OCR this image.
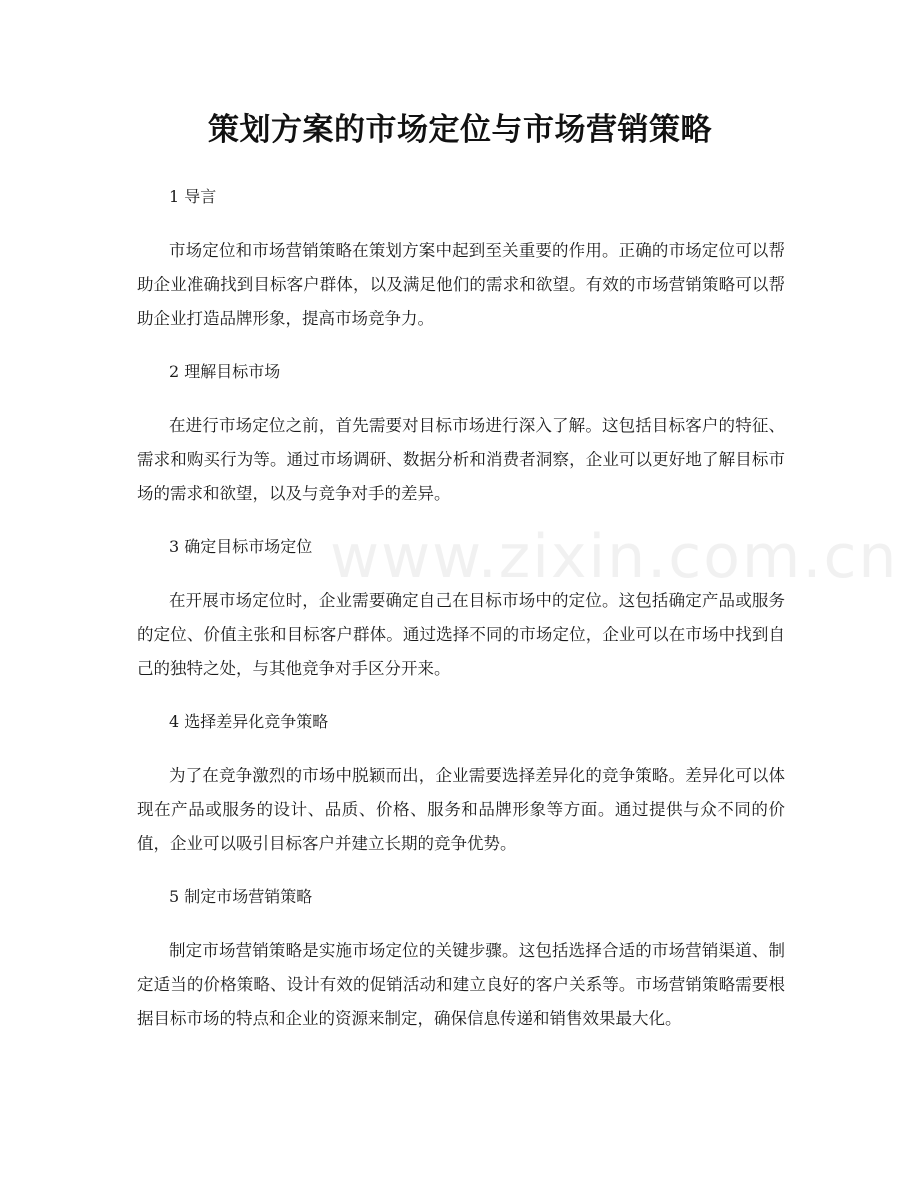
策划方案的市场定位与市场营销策略
www.zixin.com.cn

1 导言

市场定位和市场营销策略在策划方案中起到至关重要的作用。正确的市场定位可以帮助企业准确找到目标客户群体，以及满足他们的需求和欲望。有效的市场营销策略可以帮助企业打造品牌形象，提高市场竞争力。

2 理解目标市场

在进行市场定位之前，首先需要对目标市场进行深入了解。这包括目标客户的特征、需求和购买行为等。通过市场调研、数据分析和消费者洞察，企业可以更好地了解目标市场的需求和欲望，以及与竞争对手的差异。

3 确定目标市场定位

在开展市场定位时，企业需要确定自己在目标市场中的定位。这包括确定产品或服务的定位、价值主张和目标客户群体。通过选择不同的市场定位，企业可以在市场中找到自己的独特之处，与其他竞争对手区分开来。

4 选择差异化竞争策略

为了在竞争激烈的市场中脱颖而出，企业需要选择差异化的竞争策略。差异化可以体现在产品或服务的设计、品质、价格、服务和品牌形象等方面。通过提供与众不同的价值，企业可以吸引目标客户并建立长期的竞争优势。

5 制定市场营销策略

制定市场营销策略是实施市场定位的关键步骤。这包括选择合适的市场营销渠道、制定适当的价格策略、设计有效的促销活动和建立良好的客户关系等。市场营销策略需要根据目标市场的特点和企业的资源来制定，确保信息传递和销售效果最大化。
